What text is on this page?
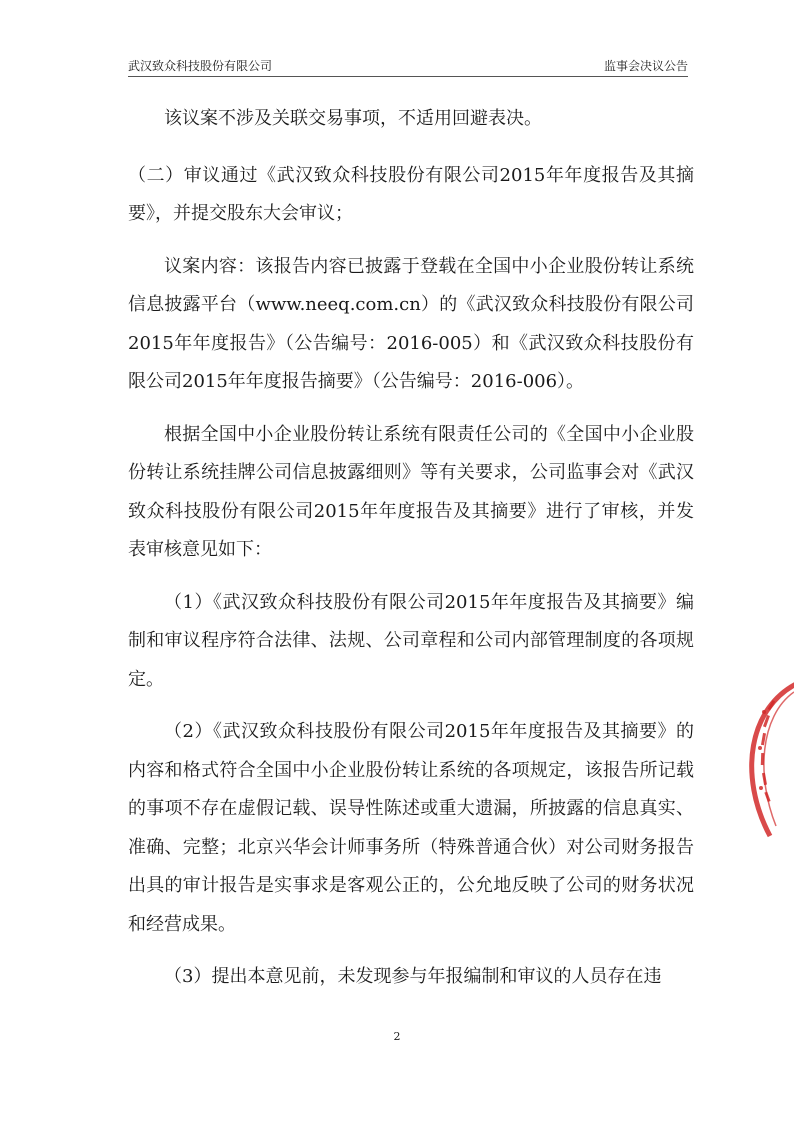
武汉致众科技股份有限公司	监事会决议公告

该议案不涉及关联交易事项，不适用回避表决。

（二）审议通过《武汉致众科技股份有限公司2015年年度报告及其摘要》，并提交股东大会审议；

议案内容：该报告内容已披露于登载在全国中小企业股份转让系统信息披露平台（www.neeq.com.cn）的《武汉致众科技股份有限公司2015年年度报告》（公告编号：2016-005）和《武汉致众科技股份有限公司2015年年度报告摘要》（公告编号：2016-006）。

根据全国中小企业股份转让系统有限责任公司的《全国中小企业股份转让系统挂牌公司信息披露细则》等有关要求，公司监事会对《武汉致众科技股份有限公司2015年年度报告及其摘要》进行了审核，并发表审核意见如下：

（1）《武汉致众科技股份有限公司2015年年度报告及其摘要》编制和审议程序符合法律、法规、公司章程和公司内部管理制度的各项规定。

（2）《武汉致众科技股份有限公司2015年年度报告及其摘要》的内容和格式符合全国中小企业股份转让系统的各项规定，该报告所记载的事项不存在虚假记载、误导性陈述或重大遗漏，所披露的信息真实、准确、完整；北京兴华会计师事务所（特殊普通合伙）对公司财务报告出具的审计报告是实事求是客观公正的，公允地反映了公司的财务状况和经营成果。

（3）提出本意见前，未发现参与年报编制和审议的人员存在违

2
